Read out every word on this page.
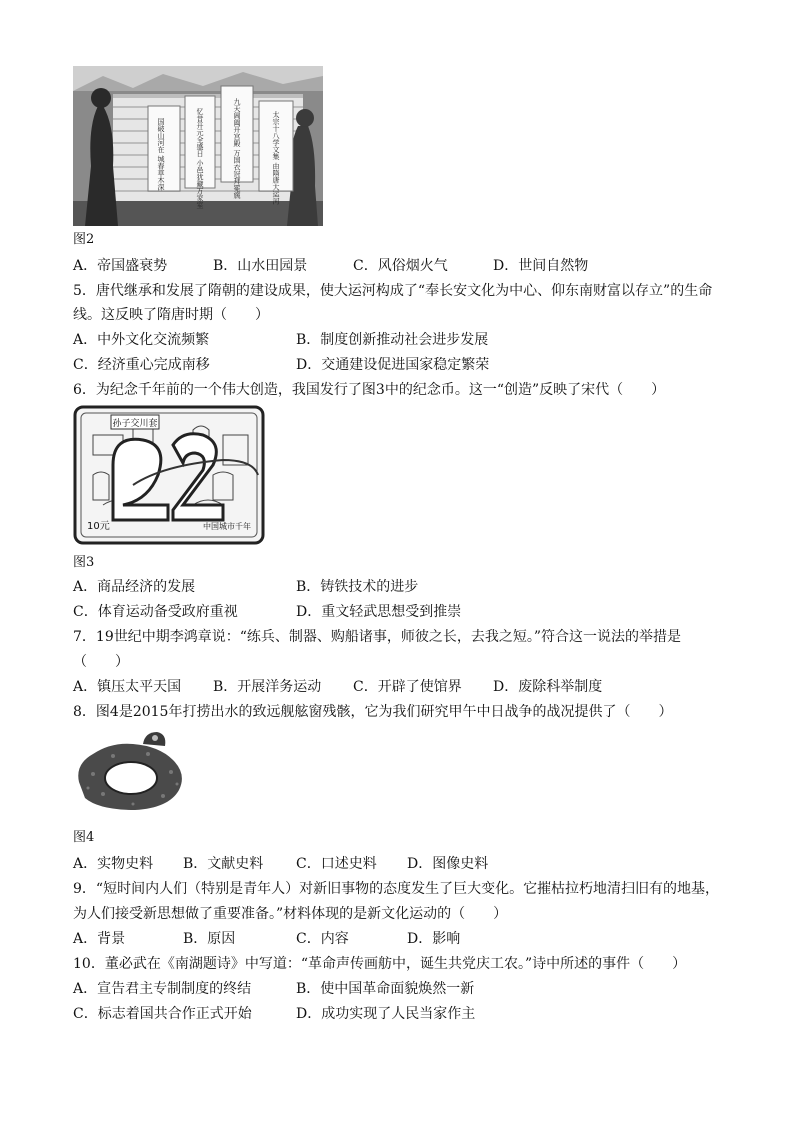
国破山河在 城春草木深	忆昔开元全盛日 小邑犹藏万家室	九天阊阖开宫殿 万国衣冠拜冕旒	太宗十八学文集 由隋唐大运河
图2
A．帝国盛衰势	B．山水田园景	C．风俗烟火气	D．世间自然物
5．唐代继承和发展了隋朝的建设成果，使大运河构成了“奉长安文化为中心、仰东南财富以存立”的生命
线。这反映了隋唐时期（　　）
A．中外文化交流频繁	B．制度创新推动社会进步发展
C．经济重心完成南移	D．交通建设促进国家稳定繁荣
6．为纪念千年前的一个伟大创造，我国发行了图3中的纪念币。这一“创造”反映了宋代（　　）
孙子交川套
10元	中国城市千年
图3
A．商品经济的发展	B．铸铁技术的进步
C．体育运动备受政府重视	D．重文轻武思想受到推崇
7．19世纪中期李鸿章说：“练兵、制器、购船诸事，师彼之长，去我之短。”符合这一说法的举措是
（　　）
A．镇压太平天国 B．开展洋务运动 C．开辟了使馆界 D．废除科举制度
8．图4是2015年打捞出水的致远舰舷窗残骸，它为我们研究甲午中日战争的战况提供了（　　）
图4
A．实物史料 B．文献史料 C．口述史料 D．图像史料
9．“短时间内人们（特别是青年人）对新旧事物的态度发生了巨大变化。它摧枯拉朽地清扫旧有的地基，
为人们接受新思想做了重要准备。”材料体现的是新文化运动的（　　）
A．背景	B．原因	C．内容	D．影响
10．董必武在《南湖题诗》中写道：“革命声传画舫中，诞生共党庆工农。”诗中所述的事件（　　）
A．宣告君主专制制度的终结	B．使中国革命面貌焕然一新
C．标志着国共合作正式开始	D．成功实现了人民当家作主
